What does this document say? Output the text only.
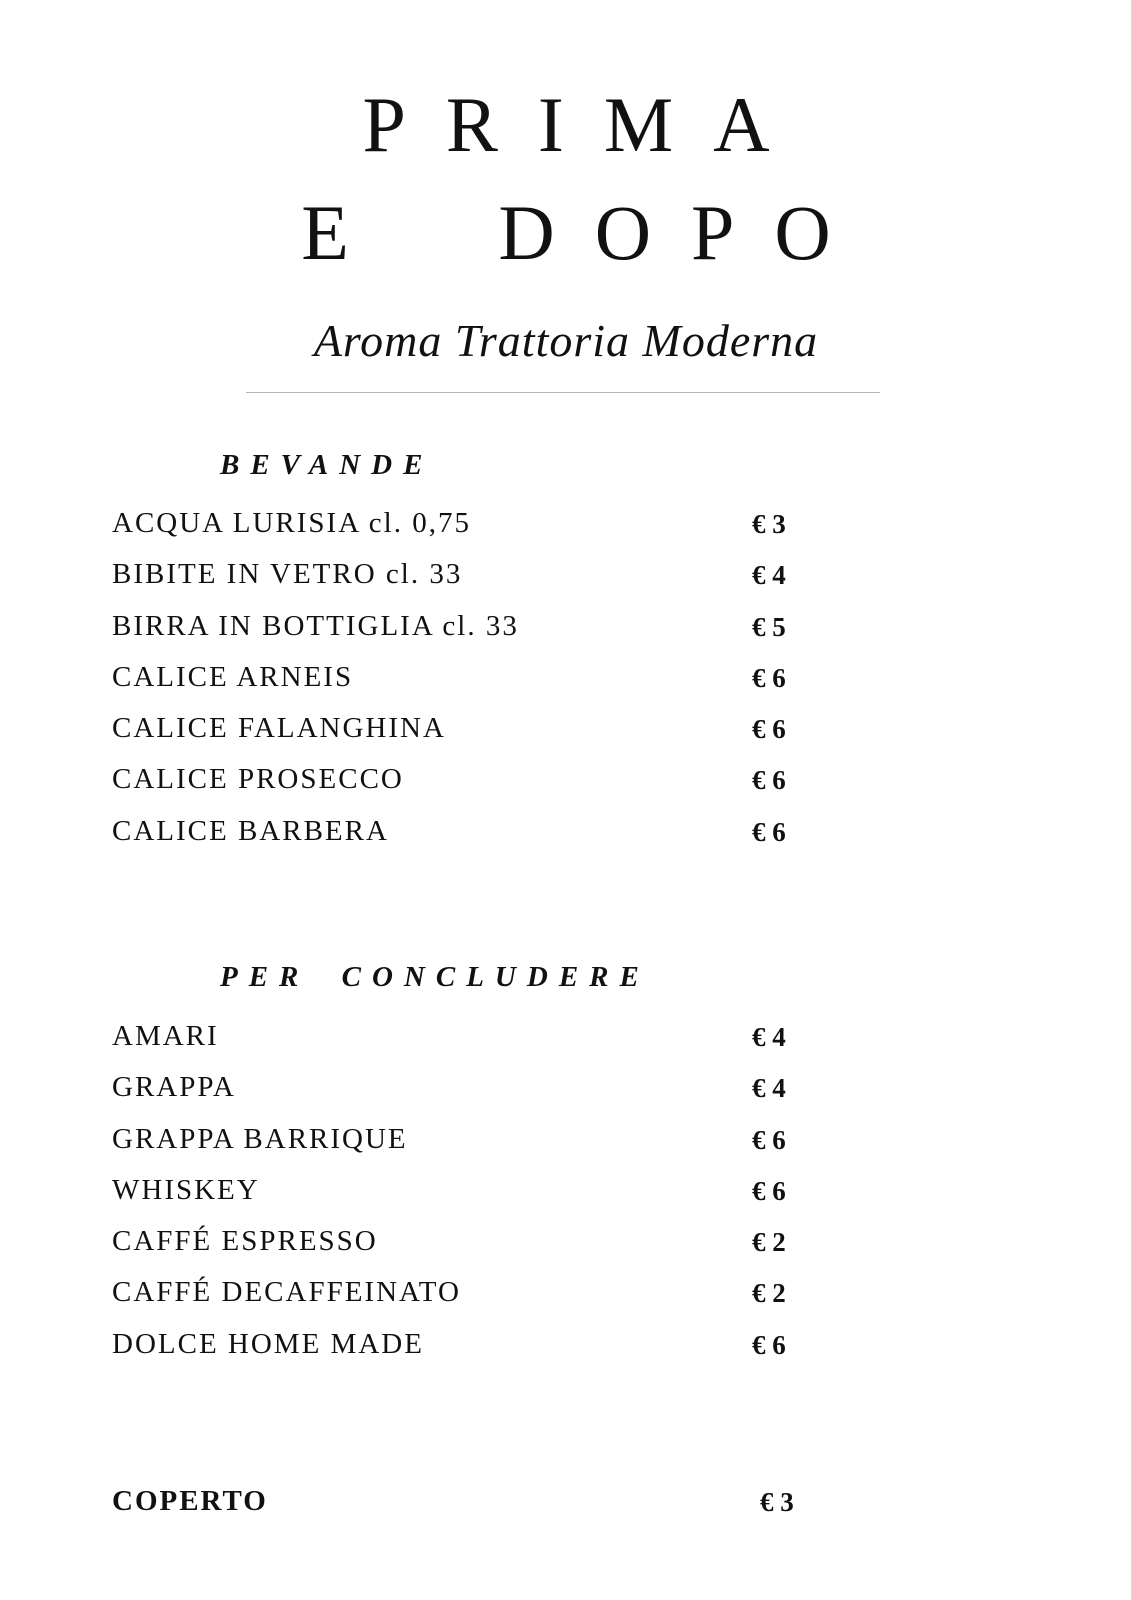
PRIMA
E DOPO
Aroma Trattoria Moderna
BEVANDE
ACQUA LURISIA cl. 0,75	€ 3
BIBITE IN VETRO cl. 33	€ 4
BIRRA IN BOTTIGLIA cl. 33	€ 5
CALICE ARNEIS	€ 6
CALICE FALANGHINA	€ 6
CALICE PROSECCO	€ 6
CALICE BARBERA	€ 6
PER CONCLUDERE
AMARI	€ 4
GRAPPA	€ 4
GRAPPA BARRIQUE	€ 6
WHISKEY	€ 6
CAFFÉ ESPRESSO	€ 2
CAFFÉ DECAFFEINATO	€ 2
DOLCE HOME MADE	€ 6
COPERTO	€ 3
